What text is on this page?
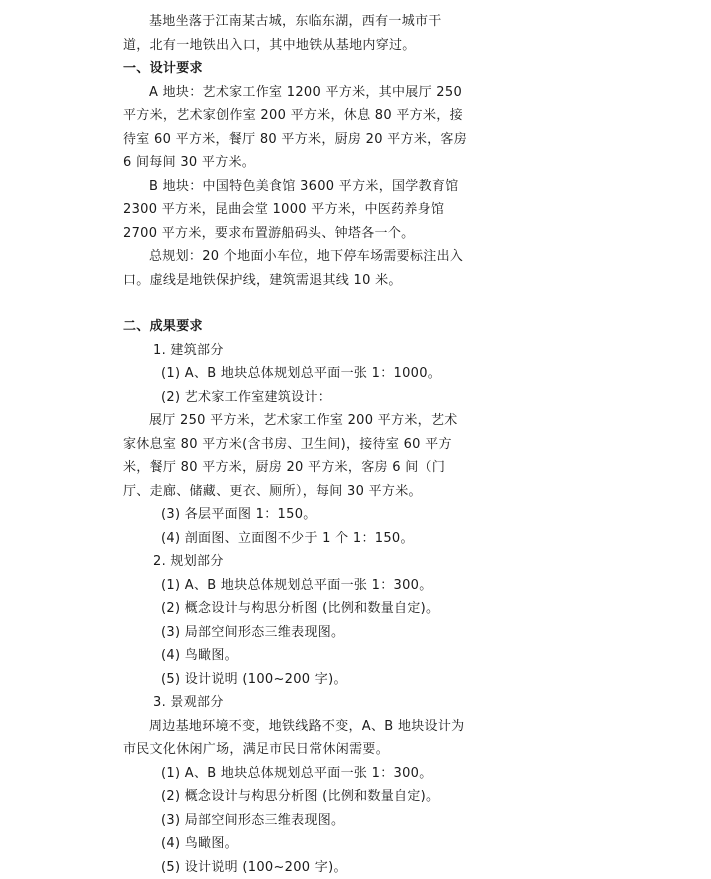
基地坐落于江南某古城，东临东湖，西有一城市干道，北有一地铁出入口，其中地铁从基地内穿过。

一、设计要求

A 地块：艺术家工作室 1200 平方米，其中展厅 250 平方米，艺术家创作室 200 平方米，休息 80 平方米，接待室 60 平方米，餐厅 80 平方米，厨房 20 平方米，客房 6 间每间 30 平方米。

B 地块：中国特色美食馆 3600 平方米，国学教育馆 2300 平方米，昆曲会堂 1000 平方米，中医药养身馆 2700 平方米，要求布置游船码头、钟塔各一个。

总规划：20 个地面小车位，地下停车场需要标注出入口。虚线是地铁保护线，建筑需退其线 10 米。

二、成果要求

1. 建筑部分

(1) A、B 地块总体规划总平面一张 1：1000。

(2) 艺术家工作室建筑设计：

展厅 250 平方米，艺术家工作室 200 平方米，艺术家休息室 80 平方米(含书房、卫生间)，接待室 60 平方米，餐厅 80 平方米，厨房 20 平方米，客房 6 间（门厅、走廊、储藏、更衣、厕所），每间 30 平方米。

(3) 各层平面图 1：150。

(4) 剖面图、立面图不少于 1 个 1：150。

2. 规划部分

(1) A、B 地块总体规划总平面一张 1：300。

(2) 概念设计与构思分析图 (比例和数量自定)。

(3) 局部空间形态三维表现图。

(4) 鸟瞰图。

(5) 设计说明 (100~200 字)。

3. 景观部分

周边基地环境不变，地铁线路不变，A、B 地块设计为市民文化休闲广场，满足市民日常休闲需要。

(1) A、B 地块总体规划总平面一张 1：300。

(2) 概念设计与构思分析图 (比例和数量自定)。

(3) 局部空间形态三维表现图。

(4) 鸟瞰图。

(5) 设计说明 (100~200 字)。
